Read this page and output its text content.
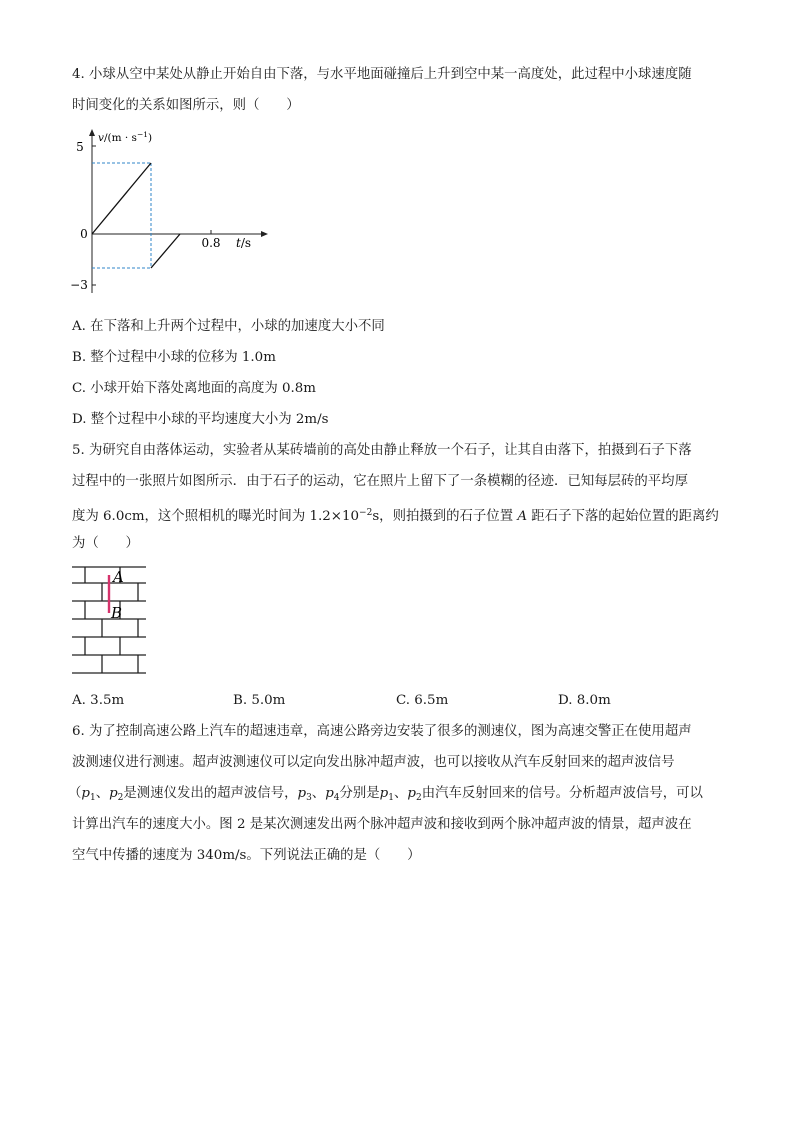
4. 小球从空中某处从静止开始自由下落，与水平地面碰撞后上升到空中某一高度处，此过程中小球速度随
时间变化的关系如图所示，则（　　）
5
0
−3
0.8 t/s
$v/(m \cdot s^{-1})$
A. 在下落和上升两个过程中，小球的加速度大小不同
B. 整个过程中小球的位移为 1.0m
C. 小球开始下落处离地面的高度为 0.8m
D. 整个过程中小球的平均速度大小为 2m/s
5. 为研究自由落体运动，实验者从某砖墙前的高处由静止释放一个石子，让其自由落下，拍摄到石子下落
过程中的一张照片如图所示．由于石子的运动，它在照片上留下了一条模糊的径迹．已知每层砖的平均厚
度为 6.0cm，这个照相机的曝光时间为 $1.2\times 10^{-2}s$，则拍摄到的石子位置 A 距石子下落的起始位置的距离约
为（　　）
A
B
A. 3.5m	B. 5.0m	C. 6.5m	D. 8.0m
6. 为了控制高速公路上汽车的超速违章，高速公路旁边安装了很多的测速仪，图为高速交警正在使用超声
波测速仪进行测速。超声波测速仪可以定向发出脉冲超声波，也可以接收从汽车反射回来的超声波信号
（$p_1$、$p_2$是测速仪发出的超声波信号，$p_3$、$p_4$分别是$p_1$、$p_2$由汽车反射回来的信号。分析超声波信号，可以
计算出汽车的速度大小。图 2 是某次测速发出两个脉冲超声波和接收到两个脉冲超声波的情景，超声波在
空气中传播的速度为 340m/s。下列说法正确的是（　　）
